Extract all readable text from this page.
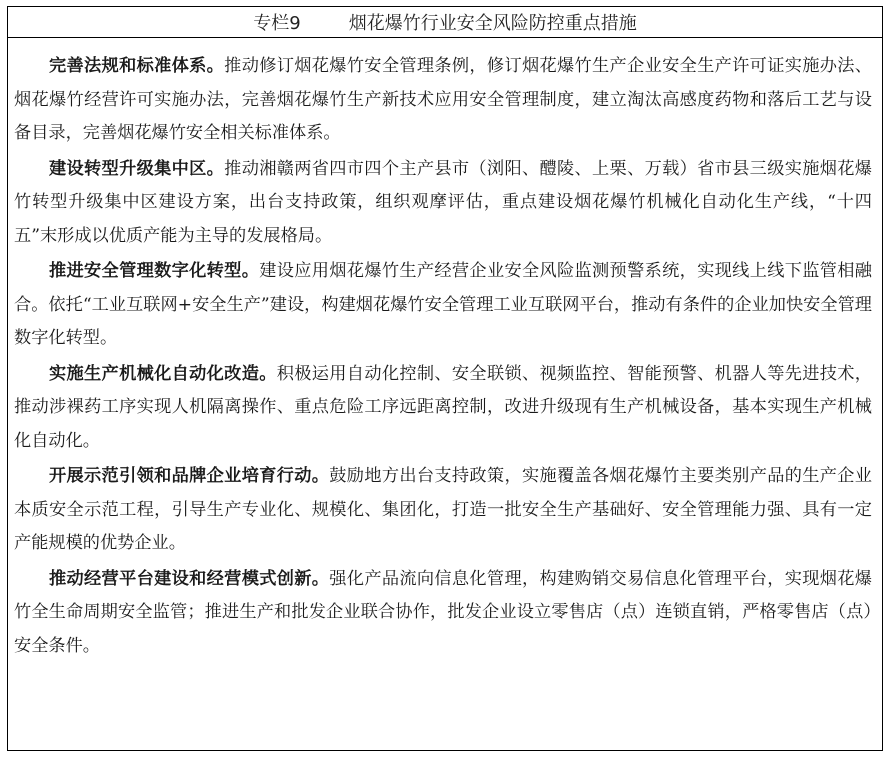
专栏9	烟花爆竹行业安全风险防控重点措施

完善法规和标准体系。推动修订烟花爆竹安全管理条例，修订烟花爆竹生产企业安全生产许可证实施办法、烟花爆竹经营许可实施办法，完善烟花爆竹生产新技术应用安全管理制度，建立淘汰高感度药物和落后工艺与设备目录，完善烟花爆竹安全相关标准体系。

建设转型升级集中区。推动湘赣两省四市四个主产县市（浏阳、醴陵、上栗、万载）省市县三级实施烟花爆竹转型升级集中区建设方案，出台支持政策，组织观摩评估，重点建设烟花爆竹机械化自动化生产线，“十四五”末形成以优质产能为主导的发展格局。

推进安全管理数字化转型。建设应用烟花爆竹生产经营企业安全风险监测预警系统，实现线上线下监管相融合。依托“工业互联网+安全生产”建设，构建烟花爆竹安全管理工业互联网平台，推动有条件的企业加快安全管理数字化转型。

实施生产机械化自动化改造。积极运用自动化控制、安全联锁、视频监控、智能预警、机器人等先进技术，推动涉裸药工序实现人机隔离操作、重点危险工序远距离控制，改进升级现有生产机械设备，基本实现生产机械化自动化。

开展示范引领和品牌企业培育行动。鼓励地方出台支持政策，实施覆盖各烟花爆竹主要类别产品的生产企业本质安全示范工程，引导生产专业化、规模化、集团化，打造一批安全生产基础好、安全管理能力强、具有一定产能规模的优势企业。

推动经营平台建设和经营模式创新。强化产品流向信息化管理，构建购销交易信息化管理平台，实现烟花爆竹全生命周期安全监管；推进生产和批发企业联合协作，批发企业设立零售店（点）连锁直销，严格零售店（点）安全条件。
